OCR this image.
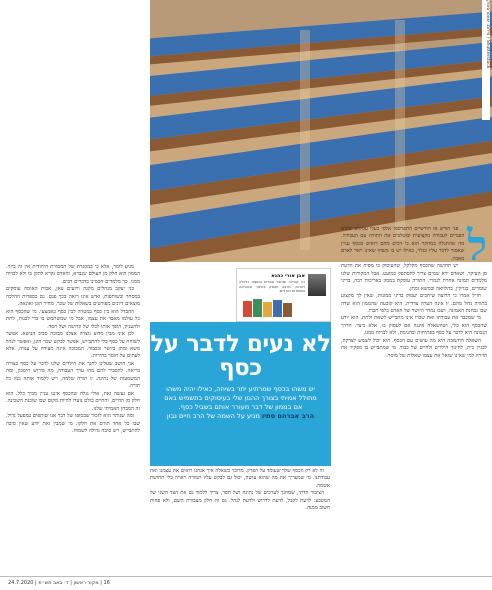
צילום: שאטרסטוק / Shutterstock
ל

פני חודש או חודשיים התפרסמו אלפי בעלי עסקים שונים הפנויים לעבודה מקצועית ומשלבים את התורה עם העבודה. מה שהתגלה במחקר הוא כי רבים מהם רואים בכסף עניין שאסור לדבר עליו בגלוי, כאילו יש בו משהו שאינו ראוי לאדם מאמין.

יש תחושה שהכסף מקלקל, שהעיסוק בו מסיח את הדעת מן העיקר, ושאדם ירא שמים צריך להסתפק במועט. אבל המקורות שלנו מלמדים תמונה אחרת לגמרי. התורה עוסקת בממון באריכות רבה, בדיני שומרים, בנזיקין, בהלוואה ובמשא ומתן.

חז״ל אמרו כי הרוצה שיחכים יעסוק בדיני ממונות, שאין לך מקצוע בתורה גדול מהם. זו אינה הערה צדדית. היא קובעת שהממון הוא שדה שבו נבחנת האמונה, ושבו נמדד היושר של האדם כלפי חברו.

מי שמכבד את עבודתו ואת שכרו אינו מתבייש לשאת ולתת. הוא יודע שהכסף הוא כלי, ושהשאלה איננה אם לעסוק בו, אלא כיצד. הדרך הנכונה היא לדבר על כסף בפתיחות ובהגינות, ולא לברוח ממנו.

השאלה החשובה היא מה עושים עם הכסף. הוא יכול לשמש לצדקה, לבניין בית, לחינוך הילדים ולחיים של כבוד. מי שמתבייש בו מפקיר את הזירה למי שאינו שואל את עצמו שאלות של מוסר.

אבן אורי כהנא
רב קהילה ומחבר ספרים בנושאי כלכלה ויהדות, מרצה ועוסק בחינוך ובהוראה במוסדות תורניים.
לא נעים לדבר על כסף
יש משהו בכסף שמרתיע יתר בשיחה, כאילו יהיה משהו מחולל אמיתי בצורך ההגון שלי בעיסוקים בתשמיש באם אם בממון של דבר מעורר אותם בשביל כסף.
הרב אברהם סתיו מגיע על השמה של הרב חיים נבון

זה לא רק הכסף שלך שעומד על הפרק. מדובר בשאלה איך אנחנו רואים את עצמנו ואת עבודתנו. מי שמעריך את מה שהוא עושה, יכול גם לבקש עליו תמורה ראויה בלי תחושת אשמה.

הציבור הדתי, שמחנך לערכים של נתינה ושל חסד, צריך ללמוד גם את הצד השני של המטבע: לדעת לקבל, לדעת לדרוש ולדעת לנהל. גם זה חלק מעבודת השם, ולא פחות חשוב ממנה.

מגיע לומר, אלא כי במסגרת של המסורת היהודית אין זה ביזוי. הממון הוא חלק מן העולם שנברא, והאדם נקרא לתקן בו ולא לברוח ממנו. כך מלמדים חכמינו בדברים רבים.

בני יעקב מנהלים מקנה ורועים צאן, אבות האומה עוסקים במסחר ובשותפות, ואיש אינו רואה בכך פגם. גם בספרות ההלכה מוצאים דיונים מפורטים בשאלות של שכר, מחיר הוגן ואונאה.

ההבדל הוא בין כסף כמטרה לבין כסף כאמצעי. מי שהכסף הוא כל עולמו מאבד את עצמו, אבל מי שמשתמש בו כדי לבנות, לתת ולהעניק, הופך אותו לכלי של קדושה ושל חסד.

לכן איני מבין מדוע נוצרה אצלנו מבוכה סביב הנושא. אפשר לשוחח על כסף בלי להתבייש, אפשר לבקש שכר הוגן, ואפשר לנהל משא ומתן ביושר ובכבוד. המבוכה אינה מעידה על ענווה, אלא לעתים על חוסר בהירות.

אני חושב שעלינו לחנך את הילדים שלנו לדבר על כסף בצורה בריאה. להסביר להם מהו ערך העבודה, מה פירוש חיסכון, ומה המשמעות של נתינה. זו תורה שלמה, ויש ללמוד אותה כמו כל תורה.

אם נעשה זאת, אולי נגלה שהכסף איננו עניין מביך כלל. הוא חלק מן החיים, והחיים כולם נועדו להיות מקום שבו שוכנת השכינה. זה המבחן האמיתי שלנו.

ומה שנותר הוא לזכור שבסופו של דבר אנו שותפים במפעל גדול, שבו כל אחד תורם את חלקו. מי שמבין זאת יודע שאין סיבה להתבייש, ויש סיבה גדולה לשמוח.

16 | מקור ראשון | ד׳ באב תש״פ | 24.7.2020
